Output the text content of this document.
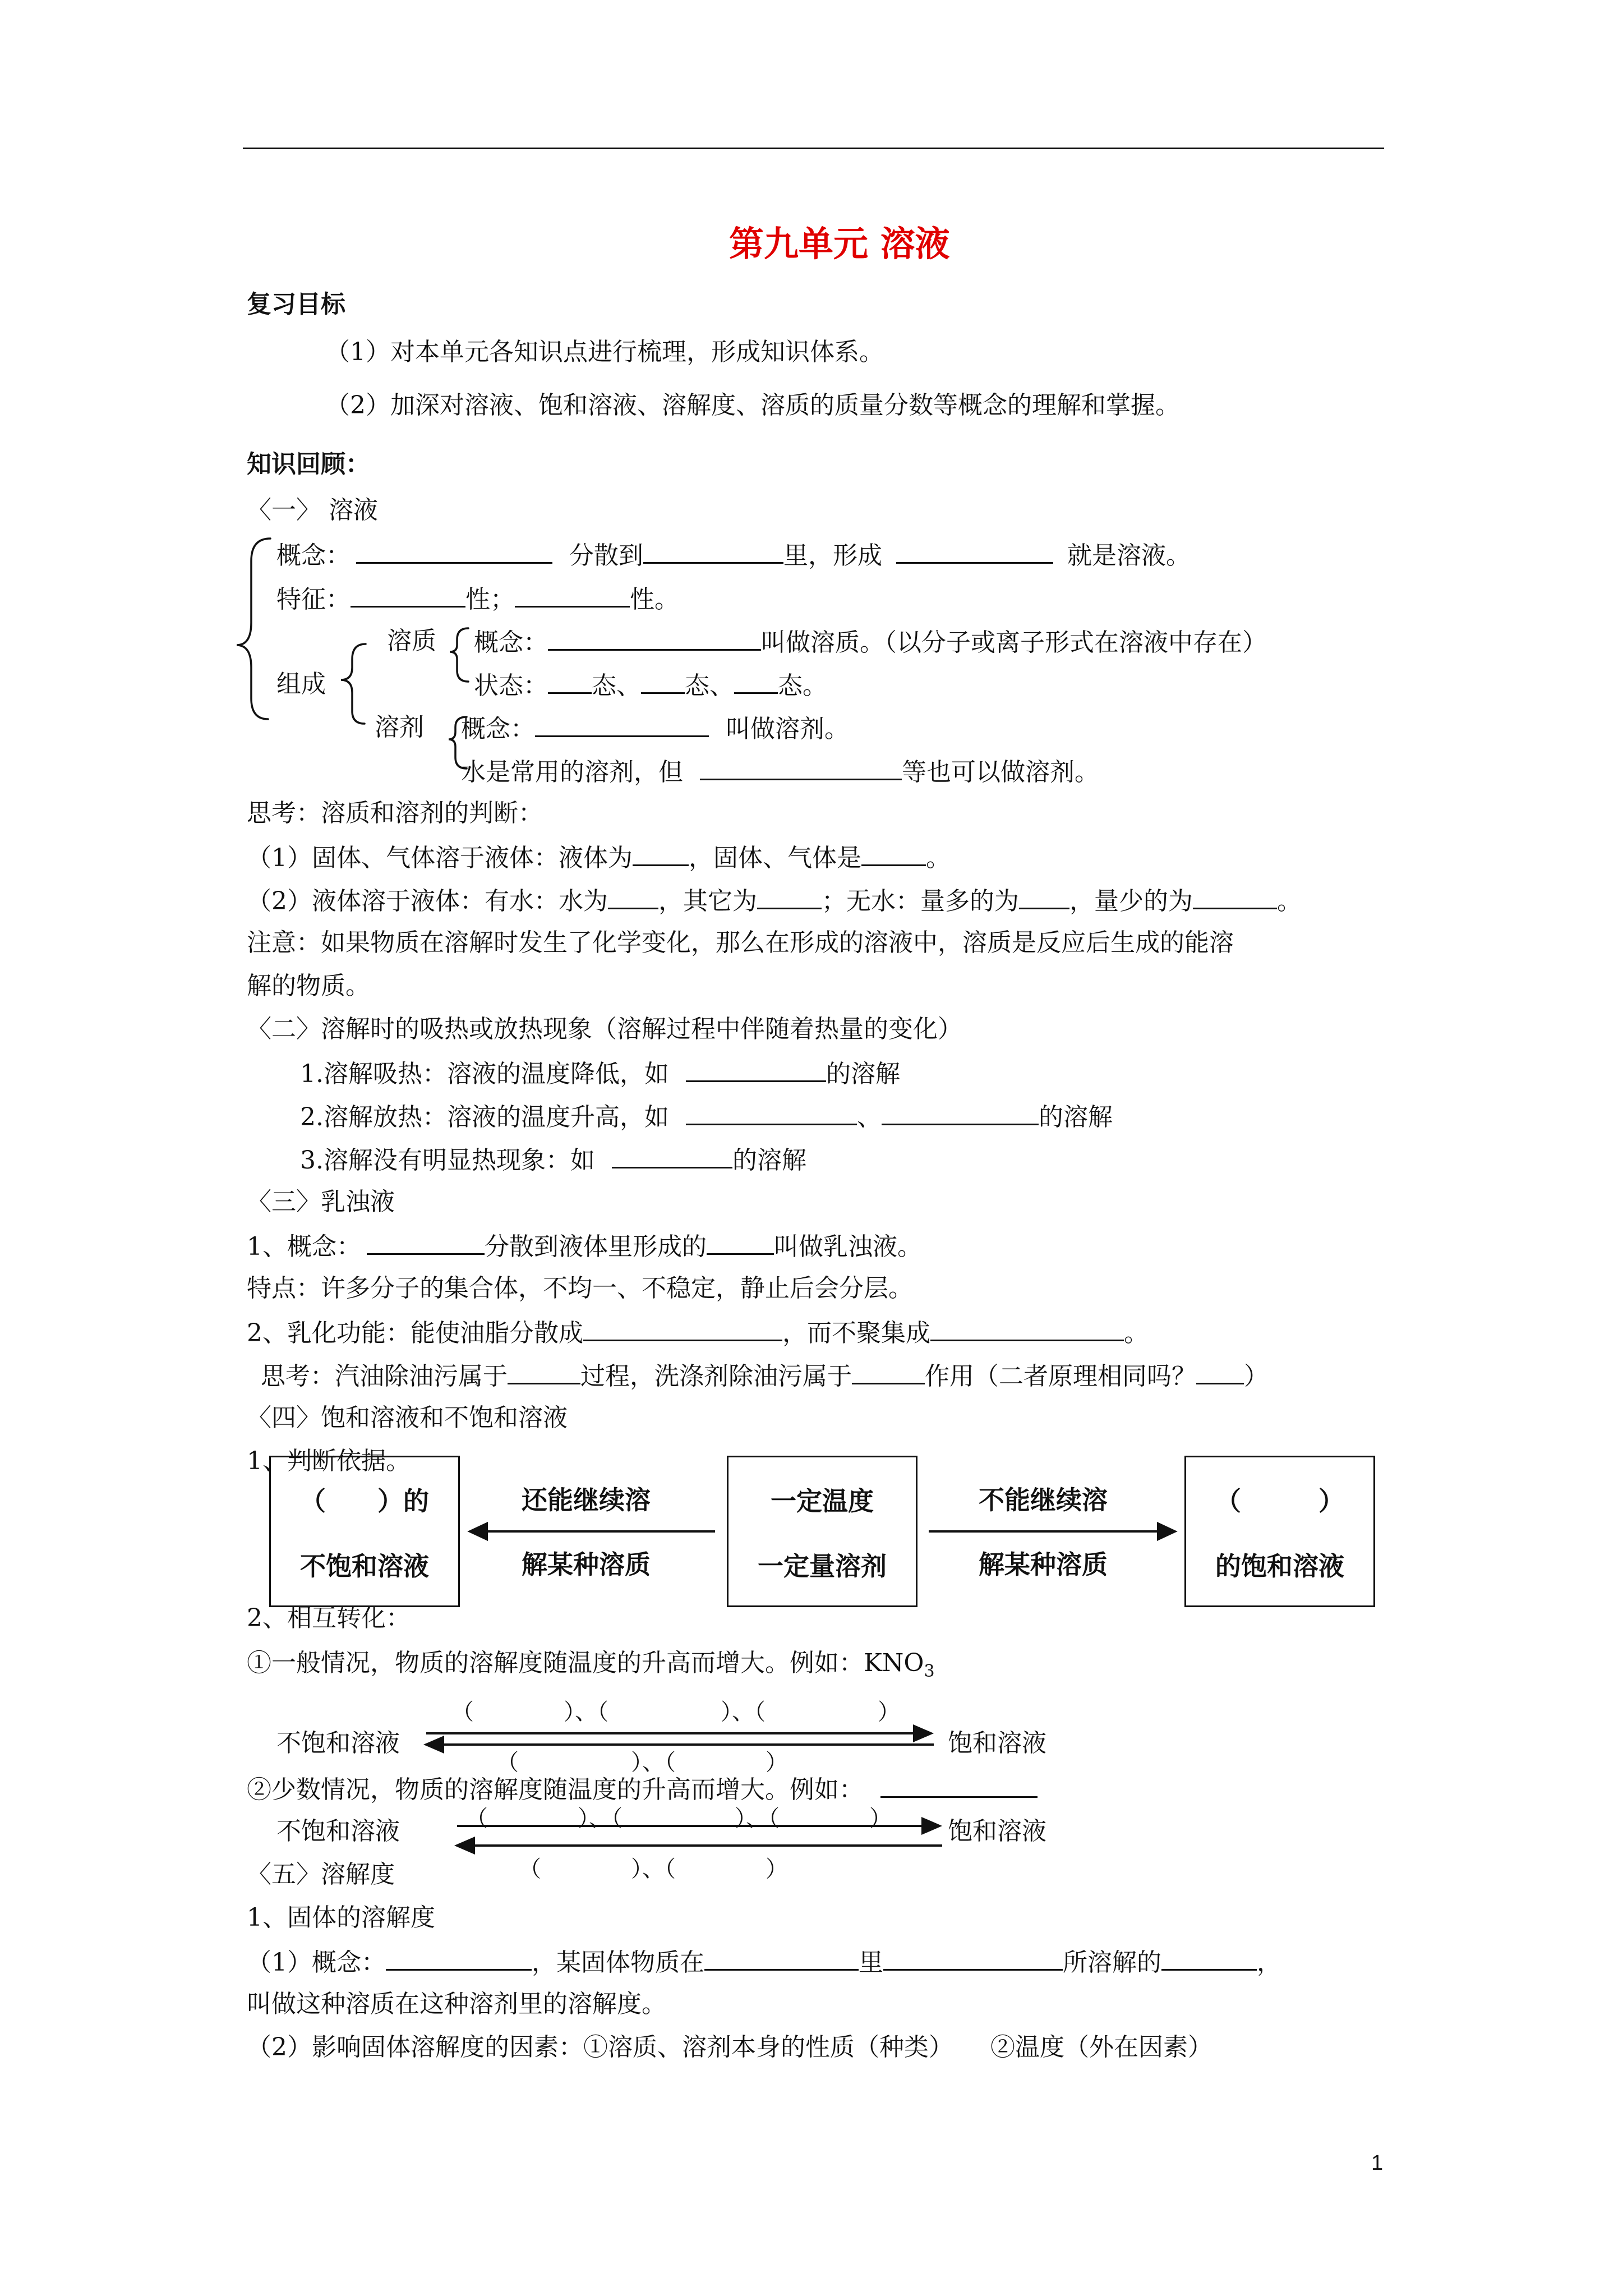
第九单元 溶液
复习目标
（1）对本单元各知识点进行梳理，形成知识体系。
（2）加深对溶液、饱和溶液、溶解度、溶质的质量分数等概念的理解和掌握。
知识回顾：
〈一〉 溶液
概念：	分散到	里，形成	就是溶液。
特征：	性；	性。
组成
溶质 概念：	叫做溶质。（以分子或离子形式在溶液中存在）
状态： 态、 态、 态。
溶剂 概念：	叫做溶剂。
水是常用的溶剂，但	等也可以做溶剂。
思考：溶质和溶剂的判断：
（1）固体、气体溶于液体：液体为 ，固体、气体是	。
（2）液体溶于液体：有水：水为 ，其它为	；无水：量多的为 ，量少的为	。
注意：如果物质在溶解时发生了化学变化，那么在形成的溶液中，溶质是反应后生成的能溶
解的物质。
〈二〉溶解时的吸热或放热现象（溶解过程中伴随着热量的变化）
1.溶解吸热：溶液的温度降低，如	的溶解
2.溶解放热：溶液的温度升高，如	、	的溶解
3.溶解没有明显热现象：如	的溶解
〈三〉乳浊液
1、概念：	分散到液体里形成的	叫做乳浊液。
特点：许多分子的集合体，不均一、不稳定，静止后会分层。
2、乳化功能：能使油脂分散成	，而不聚集成	。
思考：汽油除油污属于	过程，洗涤剂除油污属于	作用（二者原理相同吗？ ）
〈四〉饱和溶液和不饱和溶液
1、判断依据。
（　　）的
不饱和溶液
还能继续溶
解某种溶质
一定温度
一定量溶剂
不能继续溶
解某种溶质
（　　　）
的饱和溶液
2、相互转化：
①一般情况，物质的溶解度随温度的升高而增大。例如：$KNO_3$
（　　　　）、（　　　　　）、（　　　　　）
不饱和溶液	饱和溶液
（　　　　　）、（　　　　）
②少数情况，物质的溶解度随温度的升高而增大。例如：
（　　　　）、（　　　　　）、（　　　　）
不饱和溶液	饱和溶液
（　　　　）、（　　　　）
〈五〉溶解度
1、固体的溶解度
（1）概念：	，某固体物质在	里	所溶解的	，
叫做这种溶质在这种溶剂里的溶解度。
（2）影响固体溶解度的因素：①溶质、溶剂本身的性质（种类）　　②温度（外在因素）
1
